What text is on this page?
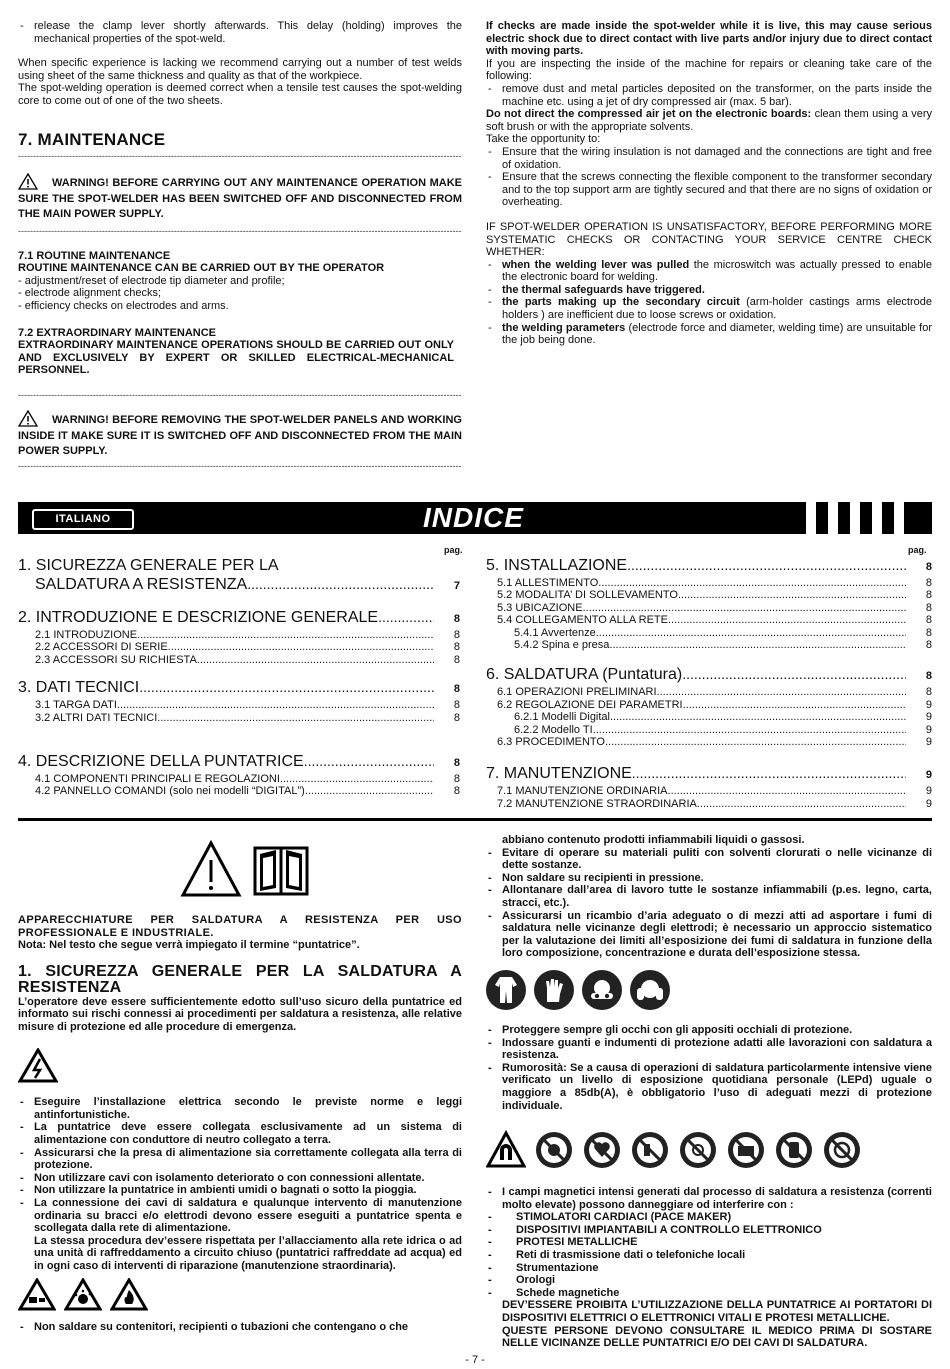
- release the clamp lever shortly afterwards. This delay (holding) improves the mechanical properties of the spot-weld.

When specific experience is lacking we recommend carrying out a number of test welds using sheet of the same thickness and quality as that of the workpiece.

The spot-welding operation is deemed correct when a tensile test causes the spot-welding core to come out of one of the two sheets.

7. MAINTENANCE
-----

WARNING! BEFORE CARRYING OUT ANY MAINTENANCE OPERATION MAKE SURE THE SPOT-WELDER HAS BEEN SWITCHED OFF AND DISCONNECTED FROM THE MAIN POWER SUPPLY.

-----

7.1 ROUTINE MAINTENANCE

ROUTINE MAINTENANCE CAN BE CARRIED OUT BY THE OPERATOR

- adjustment/reset of electrode tip diameter and profile;

- electrode alignment checks;

- efficiency checks on electrodes and arms.

7.2 EXTRAORDINARY MAINTENANCE

EXTRAORDINARY MAINTENANCE OPERATIONS SHOULD BE CARRIED OUT ONLY AND EXCLUSIVELY BY EXPERT OR SKILLED ELECTRICAL-MECHANICAL PERSONNEL.

-----

WARNING! BEFORE REMOVING THE SPOT-WELDER PANELS AND WORKING INSIDE IT MAKE SURE IT IS SWITCHED OFF AND DISCONNECTED FROM THE MAIN POWER SUPPLY.

-----

If checks are made inside the spot-welder while it is live, this may cause serious electric shock due to direct contact with live parts and/or injury due to direct contact with moving parts.

If you are inspecting the inside of the machine for repairs or cleaning take care of the following:

- remove dust and metal particles deposited on the transformer, on the parts inside the machine etc. using a jet of dry compressed air (max. 5 bar).

Do not direct the compressed air jet on the electronic boards: clean them using a very soft brush or with the appropriate solvents.

Take the opportunity to:

- Ensure that the wiring insulation is not damaged and the connections are tight and free of oxidation.
- Ensure that the screws connecting the flexible component to the transformer secondary and to the top support arm are tightly secured and that there are no signs of oxidation or overheating.

IF SPOT-WELDER OPERATION IS UNSATISFACTORY, BEFORE PERFORMING MORE SYSTEMATIC CHECKS OR CONTACTING YOUR SERVICE CENTRE CHECK WHETHER:

- when the welding lever was pulled the microswitch was actually pressed to enable the electronic board for welding.
- the thermal safeguards have triggered.
- the parts making up the secondary circuit (arm-holder castings arms electrode holders ) are inefficient due to loose screws or oxidation.
- the welding parameters (electrode force and diameter, welding time) are unsuitable for the job being done.
ITALIANO	INDICE
pag.	pag.
1. SICUREZZA GENERALE PER LA
SALDATURA A RESISTENZA .....	7
2. INTRODUZIONE E DESCRIZIONE GENERALE .....	8
2.1 INTRODUZIONE .....	8
2.2 ACCESSORI DI SERIE .....	8
2.3 ACCESSORI SU RICHIESTA .....	8
3. DATI TECNICI .....	8
3.1 TARGA DATI .....	8
3.2 ALTRI DATI TECNICI .....	8
4. DESCRIZIONE DELLA PUNTATRICE .....	8
4.1 COMPONENTI PRINCIPALI E REGOLAZIONI .....	8
4.2 PANNELLO COMANDI (solo nei modelli “DIGITAL”) .....	8
5. INSTALLAZIONE .....	8
5.1 ALLESTIMENTO .....	8
5.2 MODALITA’ DI SOLLEVAMENTO .....	8
5.3 UBICAZIONE .....	8
5.4 COLLEGAMENTO ALLA RETE .....	8
5.4.1 Avvertenze .....	8
5.4.2 Spina e presa .....	8
6. SALDATURA (Puntatura) .....	8
6.1 OPERAZIONI PRELIMINARI .....	8
6.2 REGOLAZIONE DEI PARAMETRI .....	9
6.2.1 Modelli Digital .....	9
6.2.2 Modello TI .....	9
6.3 PROCEDIMENTO .....	9
7. MANUTENZIONE .....	9
7.1 MANUTENZIONE ORDINARIA .....	9
7.2 MANUTENZIONE STRAORDINARIA .....	9

APPARECCHIATURE PER SALDATURA A RESISTENZA PER USO PROFESSIONALE E INDUSTRIALE.

Nota: Nel testo che segue verrà impiegato il termine “puntatrice”.

1. SICUREZZA GENERALE PER LA SALDATURA A RESISTENZA

L’operatore deve essere sufficientemente edotto sull’uso sicuro della puntatrice ed informato sui rischi connessi ai procedimenti per saldatura a resistenza, alle relative misure di protezione ed alle procedure di emergenza.

- Eseguire l’installazione elettrica secondo le previste norme e leggi antinfortunistiche.
- La puntatrice deve essere collegata esclusivamente ad un sistema di alimentazione con conduttore di neutro collegato a terra.
- Assicurarsi che la presa di alimentazione sia correttamente collegata alla terra di protezione.
- Non utilizzare cavi con isolamento deteriorato o con connessioni allentate.
- Non utilizzare la puntatrice in ambienti umidi o bagnati o sotto la pioggia.
- La connessione dei cavi di saldatura e qualunque intervento di manutenzione ordinaria su bracci e/o elettrodi devono essere eseguiti a puntatrice spenta e scollegata dalla rete di alimentazione.

La stessa procedura dev’essere rispettata per l’allacciamento alla rete idrica o ad una unità di raffreddamento a circuito chiuso (puntatrici raffreddate ad acqua) ed in ogni caso di interventi di riparazione (manutenzione straordinaria).

- Non saldare su contenitori, recipienti o tubazioni che contengano o che

abbiano contenuto prodotti infiammabili liquidi o gassosi.

- Evitare di operare su materiali puliti con solventi clorurati o nelle vicinanze di dette sostanze.
- Non saldare su recipienti in pressione.
- Allontanare dall’area di lavoro tutte le sostanze infiammabili (p.es. legno, carta, stracci, etc.).
- Assicurarsi un ricambio d’aria adeguato o di mezzi atti ad asportare i fumi di saldatura nelle vicinanze degli elettrodi; è necessario un approccio sistematico per la valutazione dei limiti all’esposizione dei fumi di saldatura in funzione della loro composizione, concentrazione e durata dell’esposizione stessa.
- Proteggere sempre gli occhi con gli appositi occhiali di protezione.
- Indossare guanti e indumenti di protezione adatti alle lavorazioni con saldatura a resistenza.
- Rumorosità: Se a causa di operazioni di saldatura particolarmente intensive viene verificato un livello di esposizione quotidiana personale (LEPd) uguale o maggiore a 85db(A), è obbligatorio l’uso di adeguati mezzi di protezione individuale.
- I campi magnetici intensi generati dal processo di saldatura a resistenza (correnti molto elevate) possono danneggiare od interferire con :
- STIMOLATORI CARDIACI (PACE MAKER)
- DISPOSITIVI IMPIANTABILI A CONTROLLO ELETTRONICO
- PROTESI METALLICHE
- Reti di trasmissione dati o telefoniche locali
- Strumentazione
- Orologi
- Schede magnetiche

DEV’ESSERE PROIBITA L’UTILIZZAZIONE DELLA PUNTATRICE AI PORTATORI DI DISPOSITIVI ELETTRICI O ELETTRONICI VITALI E PROTESI METALLICHE.

QUESTE PERSONE DEVONO CONSULTARE IL MEDICO PRIMA DI SOSTARE NELLE VICINANZE DELLE PUNTATRICI E/O DEI CAVI DI SALDATURA.

- 7 -
